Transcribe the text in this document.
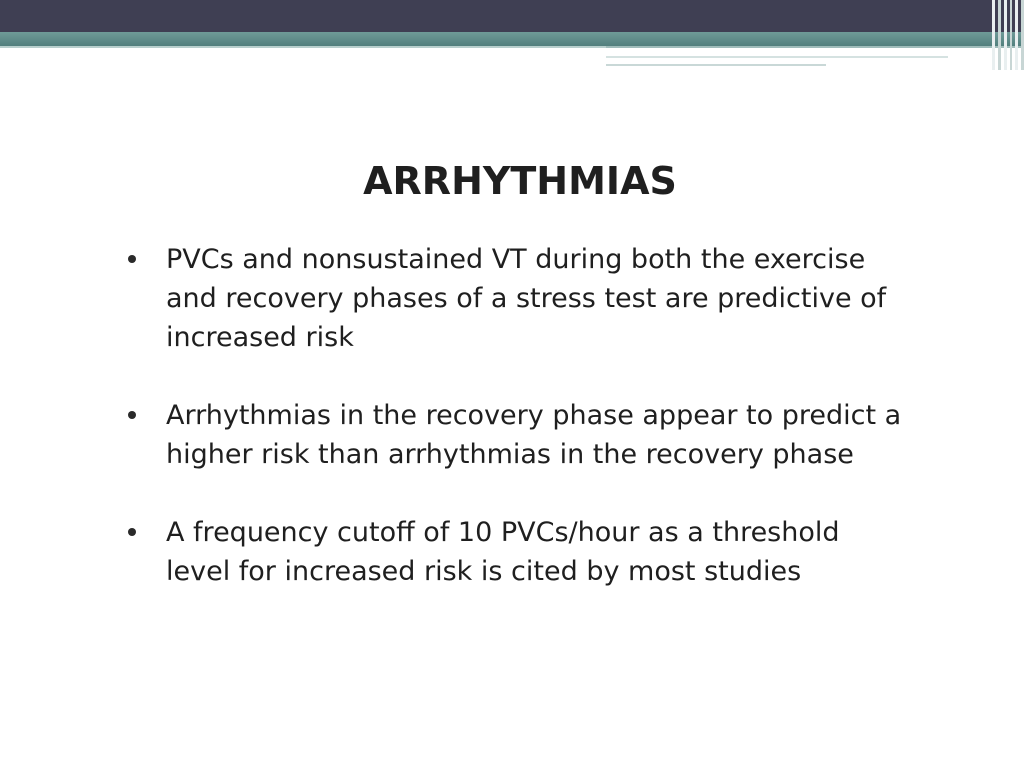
ARRHYTHMIAS
PVCs and nonsustained VT during both the exercise and recovery phases of a stress test are predictive of increased risk
Arrhythmias in the recovery phase appear to predict a higher risk than arrhythmias in the recovery phase
A frequency cutoff of 10 PVCs/hour as a threshold level for increased risk is cited by most studies
